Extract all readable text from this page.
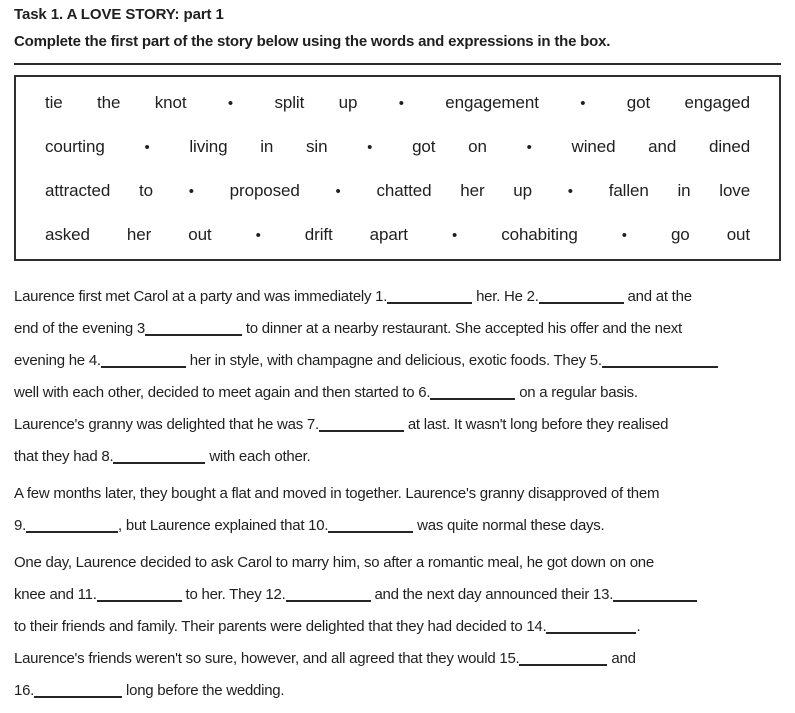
Task 1. A LOVE STORY: part 1
Complete the first part of the story below using the words and expressions in the box.
tie the knot	• split up	• engagement	• got engaged
courting	• living in sin	• got on	• wined and dined
attracted to • proposed • chatted her up • fallen in love
asked her out	•	drift apart	•	cohabiting	•	go out
Laurence first met Carol at a party and was immediately 1.	her. He 2.	and at the
end of the evening 3	to dinner at a nearby restaurant. She accepted his offer and the next
evening he 4.	her in style, with champagne and delicious, exotic foods. They 5.
well with each other, decided to meet again and then started to 6.	on a regular basis.
Laurence's granny was delighted that he was 7.	at last. It wasn't long before they realised
that they had 8.	with each other.
A few months later, they bought a flat and moved in together. Laurence's granny disapproved of them
9.	, but Laurence explained that 10.	was quite normal these days.
One day, Laurence decided to ask Carol to marry him, so after a romantic meal, he got down on one
knee and 11.	to her. They 12.	and the next day announced their 13.
to their friends and family. Their parents were delighted that they had decided to 14.	.
Laurence's friends weren't so sure, however, and all agreed that they would 15.	and
16.	long before the wedding.
